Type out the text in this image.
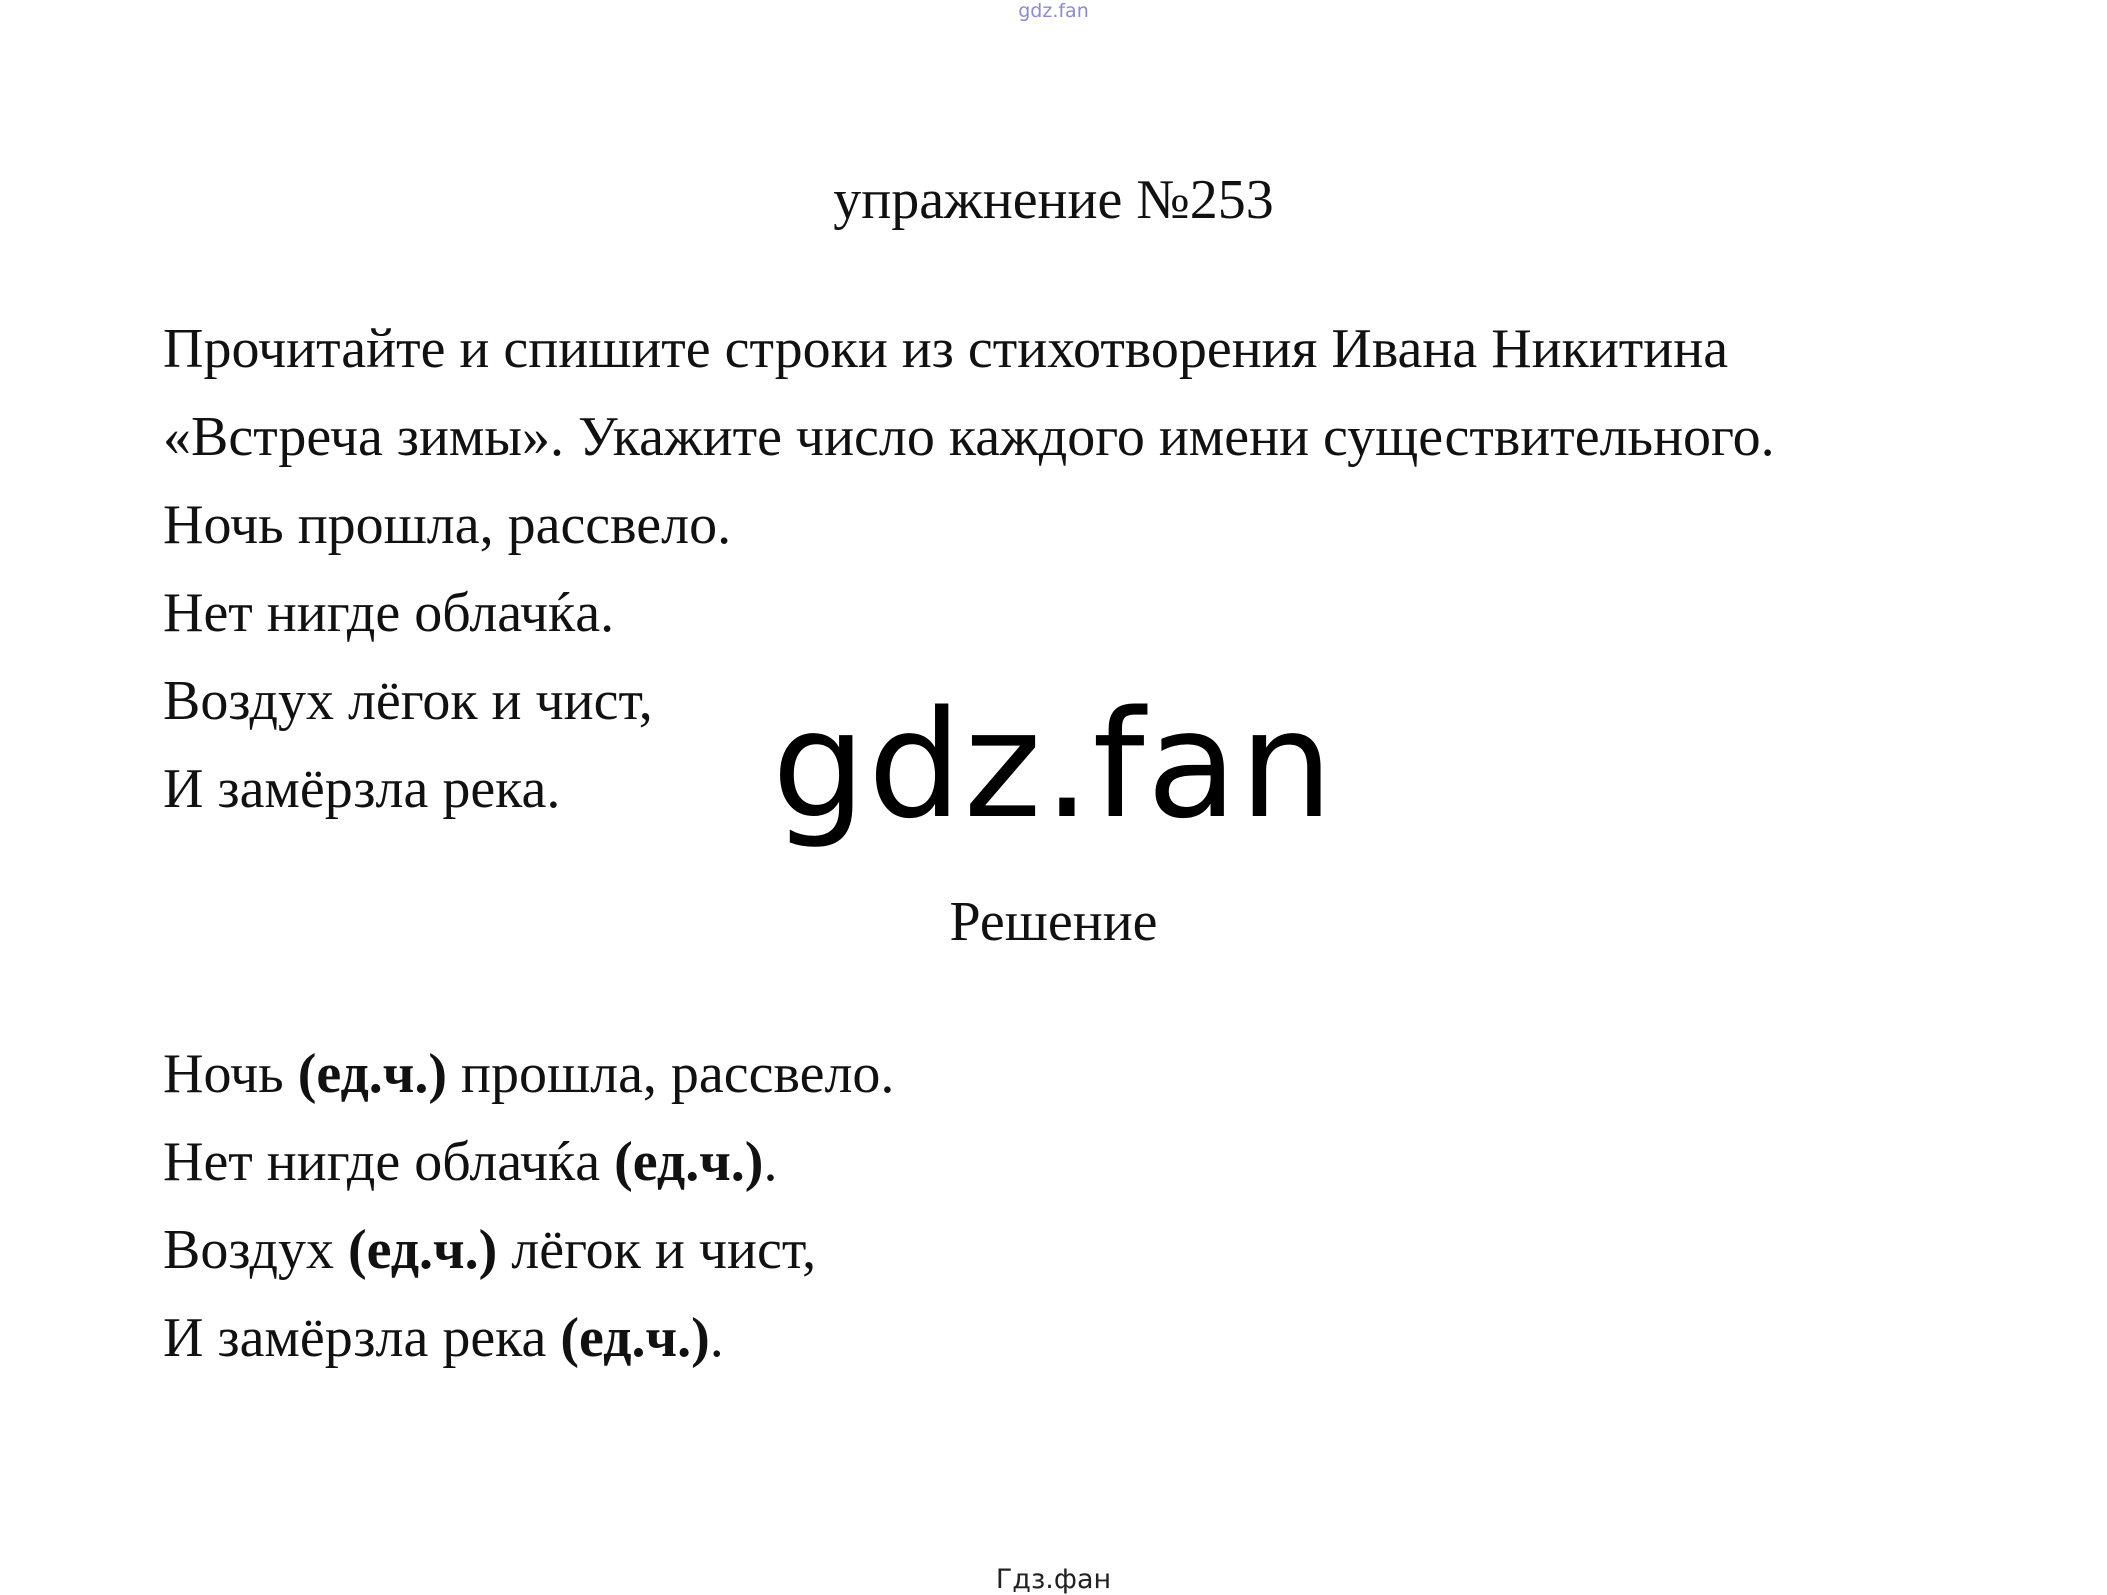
gdz.fan
упражнение №253
Прочитайте и спишите строки из стихотворения Ивана Никитина
«Встреча зимы». Укажите число каждого имени существительного.
Ночь прошла, рассвело.
Нет нигде облачќа.
Воздух лёгок и чист,
И замёрзла река.	gdz.fan
Решение
Ночь (ед.ч.) прошла, рассвело.
Нет нигде облачќа (ед.ч.).
Воздух (ед.ч.) лёгок и чист,
И замёрзла река (ед.ч.).
Гдз.фан
